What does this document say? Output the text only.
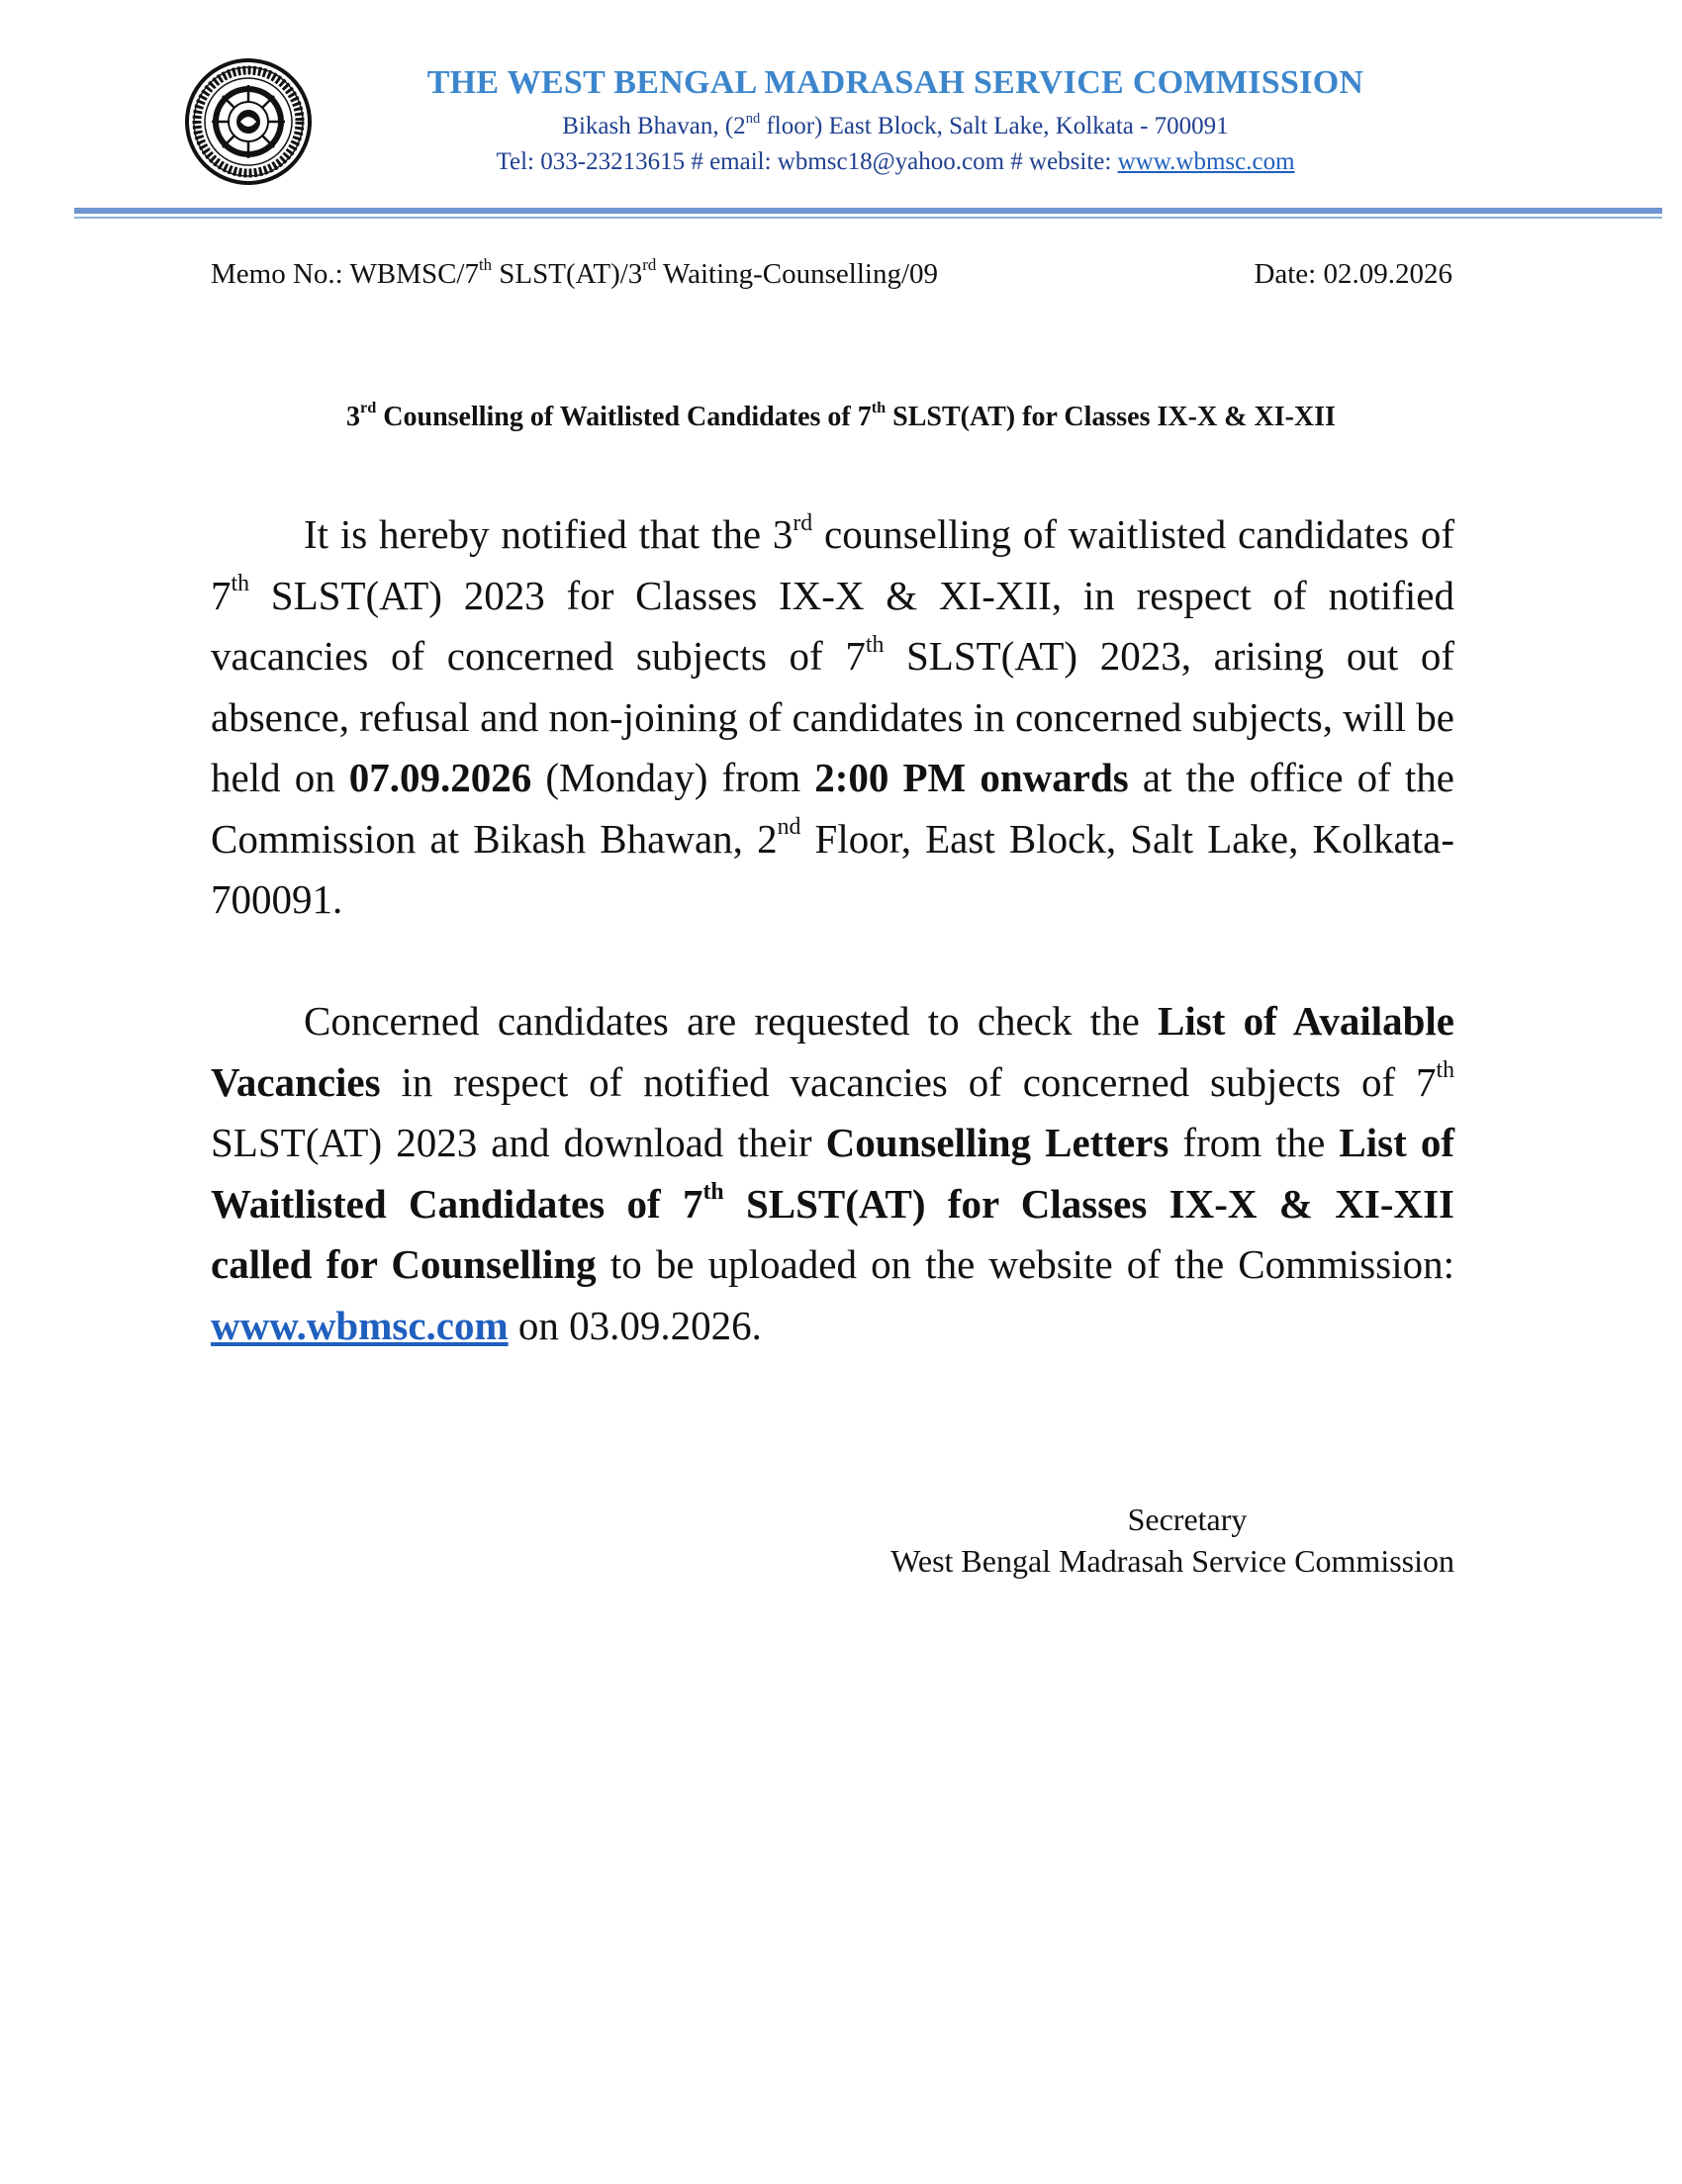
THE WEST BENGAL MADRASAH SERVICE COMMISSION

Bikash Bhavan, (2nd floor) East Block, Salt Lake, Kolkata - 700091

Tel: 033-23213615 # email: wbmsc18@yahoo.com # website: www.wbmsc.com

Memo No.: WBMSC/7th SLST(AT)/3rd Waiting-Counselling/09	Date: 02.09.2026
3rd Counselling of Waitlisted Candidates of 7th SLST(AT) for Classes IX-X & XI-XII

It is hereby notified that the 3rd counselling of waitlisted candidates of 7th SLST(AT) 2023 for Classes IX-X & XI-XII, in respect of notified vacancies of concerned subjects of 7th SLST(AT) 2023, arising out of absence, refusal and non-joining of candidates in concerned subjects, will be held on 07.09.2026 (Monday) from 2:00 PM onwards at the office of the Commission at Bikash Bhawan, 2nd Floor, East Block, Salt Lake, Kolkata-700091.

Concerned candidates are requested to check the List of Available Vacancies in respect of notified vacancies of concerned subjects of 7th SLST(AT) 2023 and download their Counselling Letters from the List of Waitlisted Candidates of 7th SLST(AT) for Classes IX-X & XI-XII called for Counselling to be uploaded on the website of the Commission: www.wbmsc.com on 03.09.2026.

Secretary
West Bengal Madrasah Service Commission
